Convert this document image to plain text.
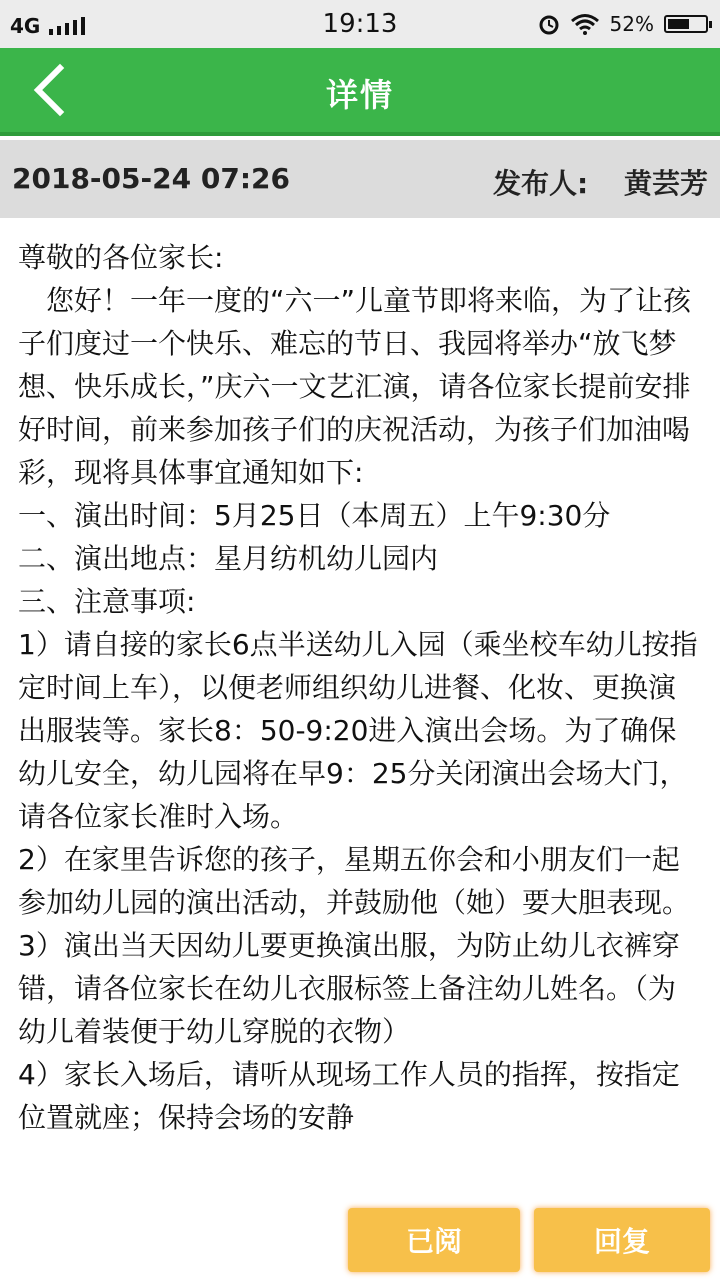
4G	19:13	52%
详情
2018-05-24 07:26	发布人: 黄芸芳

尊敬的各位家长:

　您好！一年一度的“六一”儿童节即将来临，为了让孩子们度过一个快乐、难忘的节日、我园将举办“放飞梦想、快乐成长，”庆六一文艺汇演，请各位家长提前安排好时间，前来参加孩子们的庆祝活动，为孩子们加油喝彩，现将具体事宜通知如下:

一、演出时间：5月25日（本周五）上午9:30分

二、演出地点：星月纺机幼儿园内

三、注意事项:

1）请自接的家长6点半送幼儿入园（乘坐校车幼儿按指定时间上车），以便老师组织幼儿进餐、化妆、更换演出服装等。家长8：50-9:20进入演出会场。为了确保幼儿安全，幼儿园将在早9：25分关闭演出会场大门，请各位家长准时入场。

2）在家里告诉您的孩子，星期五你会和小朋友们一起参加幼儿园的演出活动，并鼓励他（她）要大胆表现。

3）演出当天因幼儿要更换演出服，为防止幼儿衣裤穿错，请各位家长在幼儿衣服标签上备注幼儿姓名。（为幼儿着装便于幼儿穿脱的衣物）

4）家长入场后，请听从现场工作人员的指挥，按指定位置就座；保持会场的安静

已阅	回复
